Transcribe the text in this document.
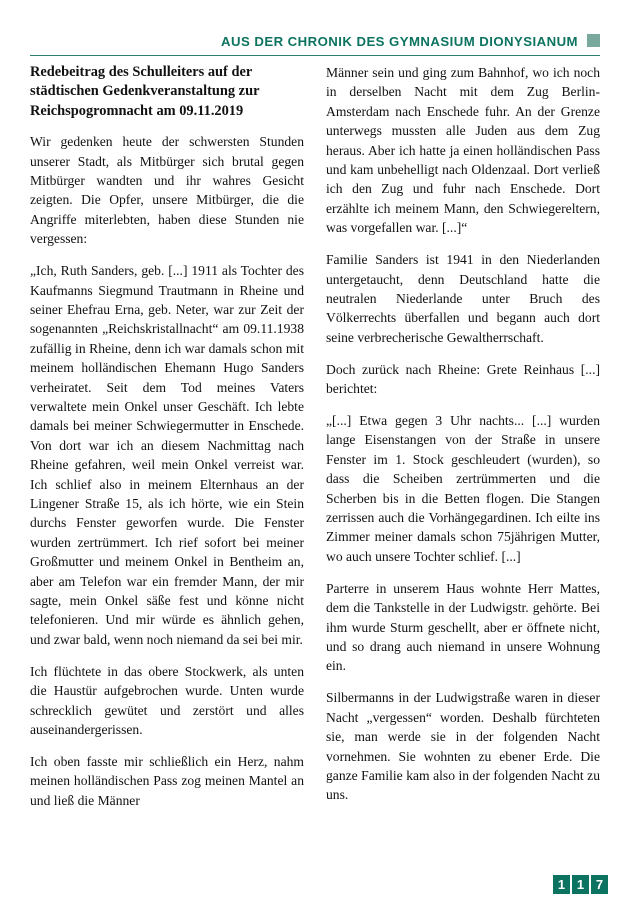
AUS DER CHRONIK DES GYMNASIUM DIONYSIANUM
Redebeitrag des Schulleiters auf der städtischen Gedenkveranstaltung zur Reichspogromnacht am 09.11.2019

Wir gedenken heute der schwersten Stunden unserer Stadt, als Mitbürger sich brutal gegen Mitbürger wandten und ihr wahres Gesicht zeigten. Die Opfer, unsere Mitbürger, die die Angriffe miterlebten, haben diese Stunden nie vergessen:

„Ich, Ruth Sanders, geb. [...] 1911 als Tochter des Kaufmanns Siegmund Trautmann in Rheine und seiner Ehefrau Erna, geb. Neter, war zur Zeit der sogenannten „Reichskristallnacht“ am 09.11.1938 zufällig in Rheine, denn ich war damals schon mit meinem holländischen Ehemann Hugo Sanders verheiratet. Seit dem Tod meines Vaters verwaltete mein Onkel unser Geschäft. Ich lebte damals bei meiner Schwiegermutter in Enschede. Von dort war ich an diesem Nachmittag nach Rheine gefahren, weil mein Onkel verreist war. Ich schlief also in meinem Elternhaus an der Lingener Straße 15, als ich hörte, wie ein Stein durchs Fenster geworfen wurde. Die Fenster wurden zertrümmert. Ich rief sofort bei meiner Großmutter und meinem Onkel in Bentheim an, aber am Telefon war ein fremder Mann, der mir sagte, mein Onkel säße fest und könne nicht telefonieren. Und mir würde es ähnlich gehen, und zwar bald, wenn noch niemand da sei bei mir.

Ich flüchtete in das obere Stockwerk, als unten die Haustür aufgebrochen wurde. Unten wurde schrecklich gewütet und zerstört und alles auseinandergerissen.

Ich oben fasste mir schließlich ein Herz, nahm meinen holländischen Pass zog meinen Mantel an und ließ die Männer

Männer sein und ging zum Bahnhof, wo ich noch in derselben Nacht mit dem Zug Berlin-Amsterdam nach Enschede fuhr. An der Grenze unterwegs mussten alle Juden aus dem Zug heraus. Aber ich hatte ja einen holländischen Pass und kam unbehelligt nach Oldenzaal. Dort verließ ich den Zug und fuhr nach Enschede. Dort erzählte ich meinem Mann, den Schwiegereltern, was vorgefallen war. [...]“

Familie Sanders ist 1941 in den Niederlanden untergetaucht, denn Deutschland hatte die neutralen Niederlande unter Bruch des Völkerrechts überfallen und begann auch dort seine verbrecherische Gewaltherrschaft.

Doch zurück nach Rheine: Grete Reinhaus [...] berichtet:

„[...] Etwa gegen 3 Uhr nachts... [...] wurden lange Eisenstangen von der Straße in unsere Fenster im 1. Stock geschleudert (wurden), so dass die Scheiben zertrümmerten und die Scherben bis in die Betten flogen. Die Stangen zerrissen auch die Vorhängegardinen. Ich eilte ins Zimmer meiner damals schon 75jährigen Mutter, wo auch unsere Tochter schlief. [...]

Parterre in unserem Haus wohnte Herr Mattes, dem die Tankstelle in der Ludwigstr. gehörte. Bei ihm wurde Sturm geschellt, aber er öffnete nicht, und so drang auch niemand in unsere Wohnung ein.

Silbermanns in der Ludwigstraße waren in dieser Nacht „vergessen“ worden. Deshalb fürchteten sie, man werde sie in der folgenden Nacht vornehmen. Sie wohnten zu ebener Erde. Die ganze Familie kam also in der folgenden Nacht zu uns.

1 1 7
